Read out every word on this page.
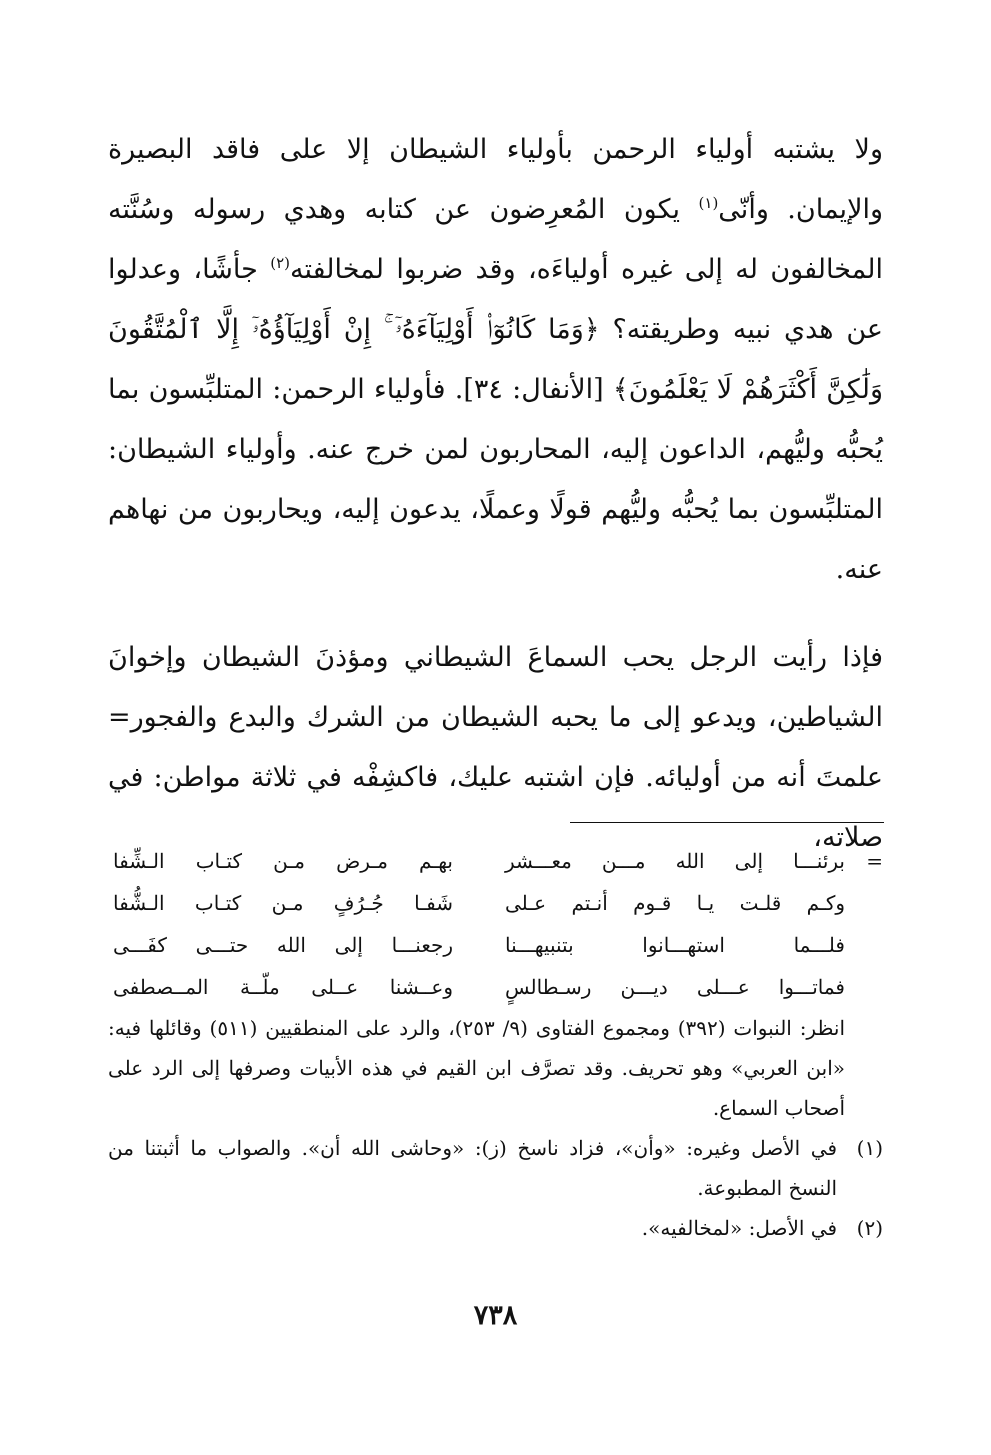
ولا يشتبه أولياء الرحمن بأولياء الشيطان إلا على فاقد البصيرة والإيمان. وأنّى$^{(١)}$ يكون المُعرِضون عن كتابه وهدي رسوله وسُنَّته المخالفون له إلى غيره أولياءَه، وقد ضربوا لمخالفته$^{(٢)}$ جأشًا، وعدلوا عن هدي نبيه وطريقته؟ ﴿وَمَا كَانُوٓا۟ أَوْلِيَآءَهُۥٓ ۚ إِنْ أَوْلِيَآؤُهُۥٓ إِلَّا ٱلْمُتَّقُونَ وَلَٰكِنَّ أَكْثَرَهُمْ لَا يَعْلَمُونَ﴾ [الأنفال: ٣٤]. فأولياء الرحمن: المتلبِّسون بما يُحبُّه وليُّهم، الداعون إليه، المحاربون لمن خرج عنه. وأولياء الشيطان: المتلبِّسون بما يُحبُّه وليُّهم قولًا وعملًا، يدعون إليه، ويحاربون من نهاهم عنه.

فإذا رأيت الرجل يحب السماعَ الشيطاني ومؤذنَ الشيطان وإخوانَ الشياطين، ويدعو إلى ما يحبه الشيطان من الشرك والبدع والفجور= علمتَ أنه من أوليائه. فإن اشتبه عليك، فاكشِفْه في ثلاثة مواطن: في صلاته،

=
برئنـــا إلى الله مـــن معـــشر
بهـم مـرض مـن كتـاب الـشِّفا
وكـم قلـت يـا قـوم أنـتم عـلى
شَفـا جُـرُفٍ مـن كتـاب الـشُّفا
فلـــما استهـــانوا بتنبيهـــنا
رجعنـــا إلى الله حتـــى كفَـــى
فماتـــوا عـــلى ديـــن رسـطالسٍ
وعــشنا عــلى ملّــة المــصطفى

انظر: النبوات (٣٩٢) ومجموع الفتاوى (٩/ ٢٥٣)، والرد على المنطقيين (٥١١) وقائلها فيه: «ابن العربي» وهو تحريف. وقد تصرَّف ابن القيم في هذه الأبيات وصرفها إلى الرد على أصحاب السماع.

(١)
في الأصل وغيره: «وأن»، فزاد ناسخ (ز): «وحاشى الله أن». والصواب ما أثبتنا من النسخ المطبوعة.
(٢)
في الأصل: «لمخالفيه».
٧٣٨
